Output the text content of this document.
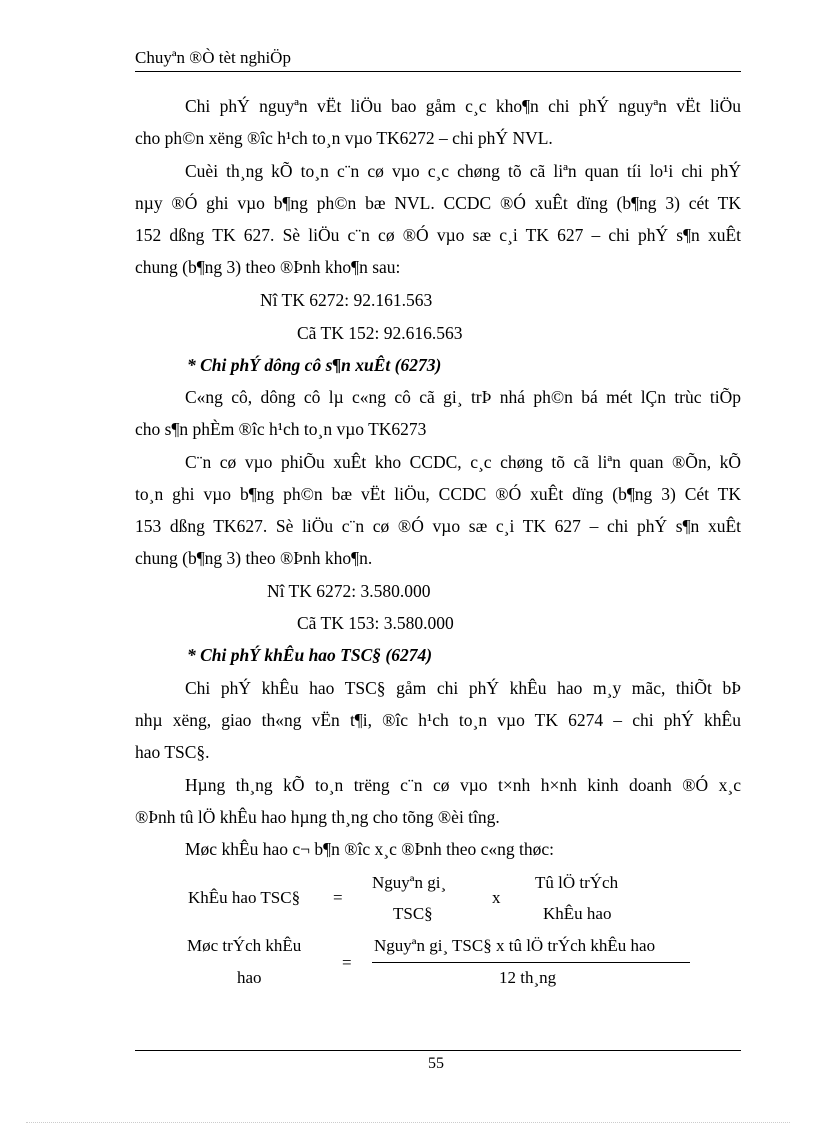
Chuyªn ®Ò tèt nghiÖp
Chi phÝ nguyªn vËt liÖu bao gåm c¸c kho¶n chi phÝ nguyªn vËt liÖu
cho ph©n xëng ®îc h¹ch to¸n vµo TK6272 – chi phÝ NVL.
Cuèi th¸ng kÕ to¸n c¨n cø vµo c¸c chøng tõ cã liªn quan tíi lo¹i chi phÝ
nµy ®Ó ghi vµo b¶ng ph©n bæ NVL. CCDC ®Ó xuÊt dïng (b¶ng 3) cét TK
152 dßng TK 627. Sè liÖu c¨n cø ®Ó vµo sæ c¸i TK 627 – chi phÝ s¶n xuÊt
chung (b¶ng 3) theo ®Þnh kho¶n sau:
Nî TK 6272: 92.161.563
Cã TK 152: 92.616.563
* Chi phÝ dông cô s¶n xuÊt (6273)
C«ng cô, dông cô lµ c«ng cô cã gi¸ trÞ nhá ph©n bá mét lÇn trùc tiÕp
cho s¶n phÈm ®îc h¹ch to¸n vµo TK6273
C¨n cø vµo phiÕu xuÊt kho CCDC, c¸c chøng tõ cã liªn quan ®Õn, kÕ
to¸n ghi vµo b¶ng ph©n bæ vËt liÖu, CCDC ®Ó xuÊt dïng (b¶ng 3) Cét TK
153 dßng TK627. Sè liÖu c¨n cø ®Ó vµo sæ c¸i TK 627 – chi phÝ s¶n xuÊt
chung (b¶ng 3) theo ®Þnh kho¶n.
Nî TK 6272: 3.580.000
Cã TK 153: 3.580.000
* Chi phÝ khÊu hao TSC§ (6274)
Chi phÝ khÊu hao TSC§ gåm chi phÝ khÊu hao m¸y mãc, thiÕt bÞ
nhµ xëng, giao th«ng vËn t¶i, ®îc h¹ch to¸n vµo TK 6274 – chi phÝ khÊu
hao TSC§.
Hµng th¸ng kÕ to¸n trëng c¨n cø vµo t×nh h×nh kinh doanh ®Ó x¸c
®Þnh tû lÖ khÊu hao hµng th¸ng cho tõng ®èi tîng.
Møc khÊu hao c¬ b¶n ®îc x¸c ®Þnh theo c«ng thøc:
KhÊu hao TSC§ =
Nguyªn gi¸
TSC§
x
Tû lÖ trÝch
KhÊu hao
Møc trÝch khÊu
hao
=
Nguyªn gi¸ TSC§ x tû lÖ trÝch khÊu hao
12 th¸ng
55
